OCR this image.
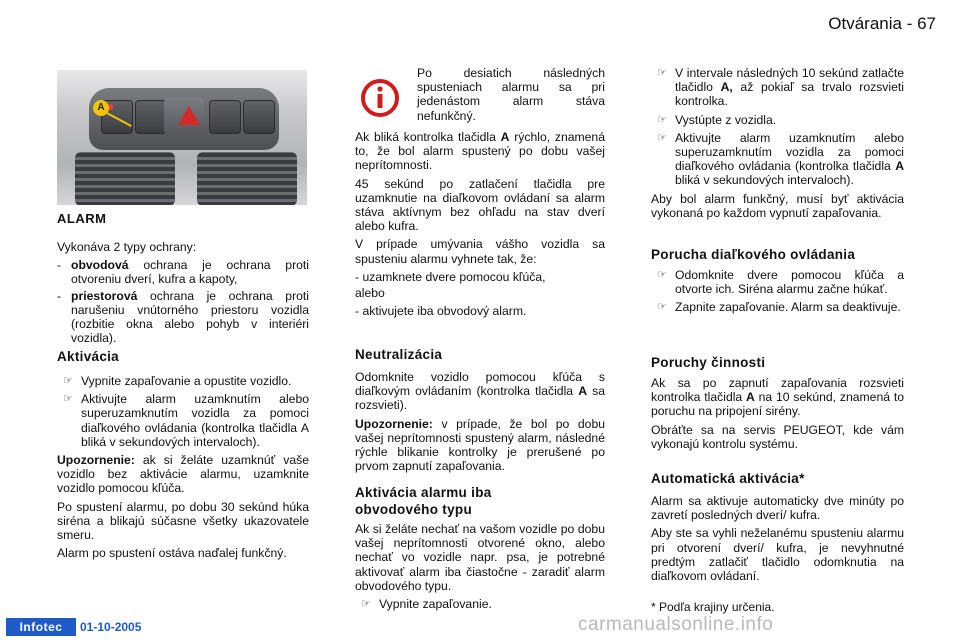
Otvárania - 67
A
ALARM

Vykonáva 2 typy ochrany:

- obvodová ochrana je ochrana proti otvoreniu dverí, kufra a kapoty,
- priestorová ochrana je ochrana proti narušeniu vnútorného priestoru vozidla (rozbitie okna alebo pohyb v interiéri vozidla).
Aktivácia
☞ Vypnite zapaľovanie a opustite vozidlo.
☞ Aktivujte alarm uzamknutím alebo superuzamknutím vozidla za pomoci diaľkového ovládania (kontrolka tlačidla A bliká v sekundových intervaloch).

Upozornenie: ak si želáte uzamknúť vaše vozidlo bez aktivácie alarmu, uzamknite vozidlo pomocou kľúča.

Po spustení alarmu, po dobu 30 sekúnd húka siréna a blikajú súčasne všetky ukazovatele smeru.

Alarm po spustení ostáva naďalej funkčný.

Po desiatich následných spusteniach alarmu sa pri jedenástom alarm stáva nefunkčný.

Ak bliká kontrolka tlačidla A rýchlo, znamená to, že bol alarm spustený po dobu vašej neprítomnosti.

45 sekúnd po zatlačení tlačidla pre uzamknutie na diaľkovom ovládaní sa alarm stáva aktívnym bez ohľadu na stav dverí alebo kufra.

V prípade umývania vášho vozidla sa spusteniu alarmu vyhnete tak, že:

- uzamknete dvere pomocou kľúča,

alebo

- aktivujete iba obvodový alarm.

Neutralizácia

Odomknite vozidlo pomocou kľúča s diaľkovým ovládaním (kontrolka tlačidla A sa rozsvieti).

Upozornenie: v prípade, že bol po dobu vašej neprítomnosti spustený alarm, následné rýchle blikanie kontrolky je prerušené po prvom zapnutí zapaľovania.

Aktivácia alarmu iba obvodového typu

Ak si želáte nechať na vašom vozidle po dobu vašej neprítomnosti otvorené okno, alebo nechať vo vozidle napr. psa, je potrebné aktivovať alarm iba čiastočne - zaradiť alarm obvodového typu.

☞ Vypnite zapaľovanie.
☞ V intervale následných 10 sekúnd zatlačte tlačidlo A, až pokiaľ sa trvalo rozsvieti kontrolka.
☞ Vystúpte z vozidla.
☞ Aktivujte alarm uzamknutím alebo superuzamknutím vozidla za pomoci diaľkového ovládania (kontrolka tlačidla A bliká v sekundových intervaloch).

Aby bol alarm funkčný, musí byť aktivácia vykonaná po každom vypnutí zapaľovania.

Porucha diaľkového ovládania
☞ Odomknite dvere pomocou kľúča a otvorte ich. Siréna alarmu začne húkať.
☞ Zapnite zapaľovanie. Alarm sa deaktivuje.
Poruchy činnosti

Ak sa po zapnutí zapaľovania rozsvieti kontrolka tlačidla A na 10 sekúnd, znamená to poruchu na pripojení sirény.

Obráťte sa na servis PEUGEOT, kde vám vykonajú kontrolu systému.

Automatická aktivácia*

Alarm sa aktivuje automaticky dve minúty po zavretí posledných dverí/ kufra.

Aby ste sa vyhli neželanému spusteniu alarmu pri otvorení dverí/ kufra, je nevyhnutné predtým zatlačiť tlačidlo odomknutia na diaľkovom ovládaní.

* Podľa krajiny určenia.
Infotec	01-10-2005	carmanualsonline.info
